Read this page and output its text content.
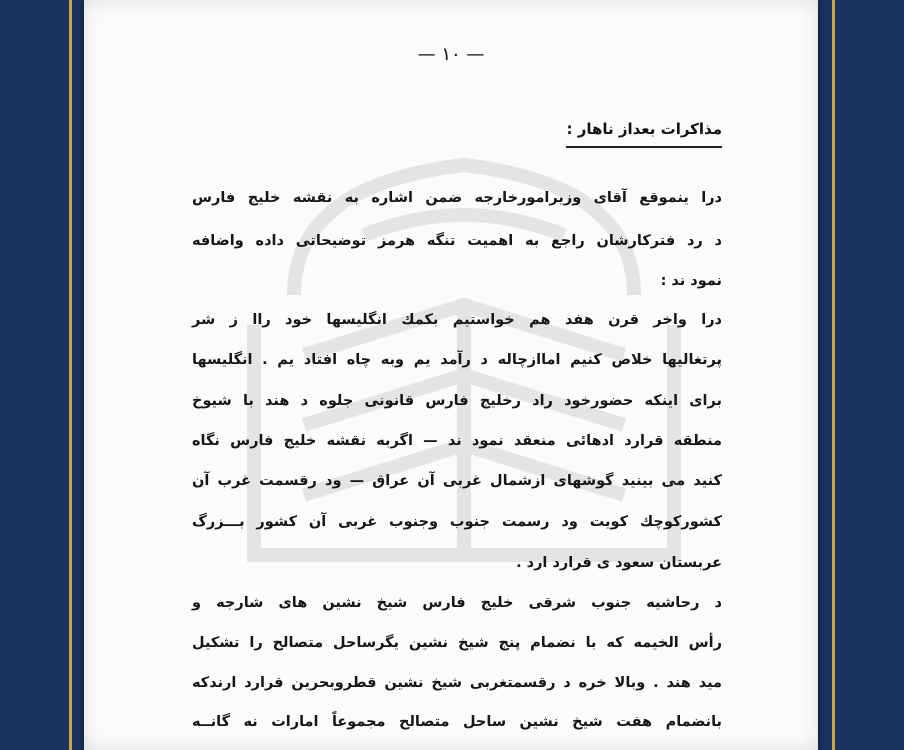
— ١٠ —
مذاكرات بعداز ناهار :
درا ينموقع آقاى وزيرامورخارجه ضمن اشاره به نقشه خليج فارس
د رد فتركارشان راجع به اهميت تنگه هرمز توضيحاتى داده واضافه
نمود ند :
درا واخر قرن هفد هم خواستيم بكمك انگليسها خود راا ز شر
پرتغاليها خلاص كنيم اماازچاله د رآمد يم وبه چاه افتاد يم . انگليسها
براى اينكه حضورخود راد رخليج فارس قانونى جلوه د هند با شيوخ
منطقه قرارد ادهائى منعقد نمود ند — اگربه نقشه خليج فارس نگاه
كنيد مى بينيد گوشهاى ازشمال غربى آن عراق — ود رقسمت غرب آن
كشوركوچك كويت ود رسمت جنوب وجنوب غربى آن كشور بـــزرگ
عربستان سعود ى قرارد ارد .
د رحاشيه جنوب شرقى خليج فارس شيخ نشين هاى شارجه و
رأس الخيمه كه با نضمام پنج شيخ نشين يگرساحل متصالح را تشكيل
ميد هند . وبالا خره د رقسمتغربى شيخ نشين قطروبحرين قرارد ارندكه
بانضمام هفت شيخ نشين ساحل متصالح مجموعاً امارات نه گانــه
